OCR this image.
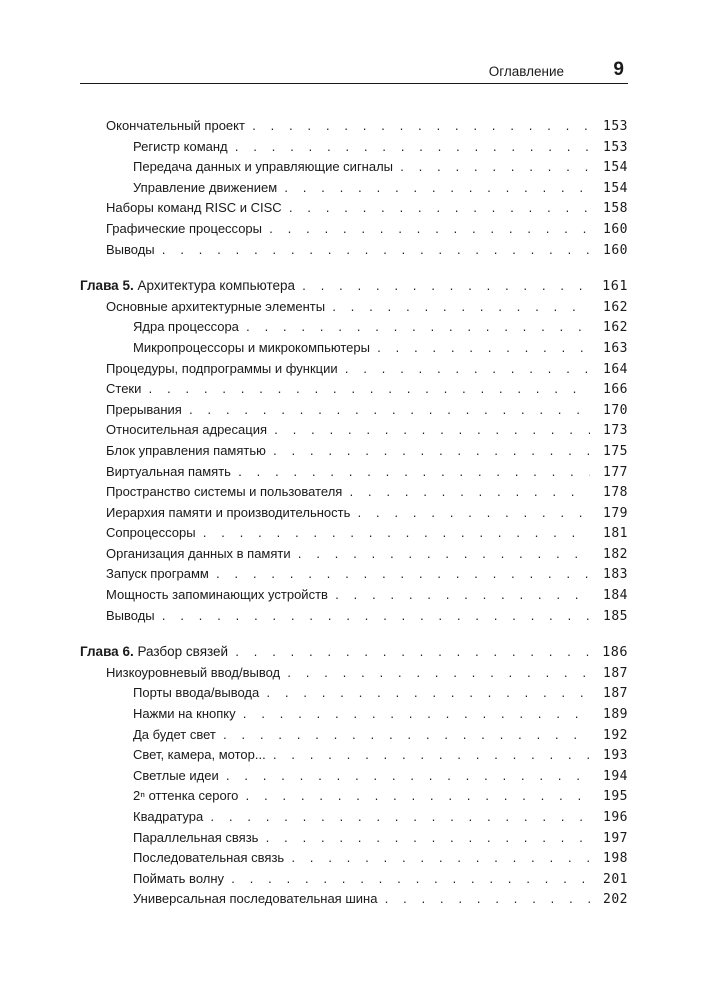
Оглавление	9
Окончательный проект . . .	153
Регистр команд . . .	153
Передача данных и управляющие сигналы . . .	154
Управление движением . . .	154
Наборы команд RISC и CISC . . .	158
Графические процессоры . . .	160
Выводы . . .	160
Глава 5. Архитектура компьютера . . .	161
Основные архитектурные элементы . . .	162
Ядра процессора . . .	162
Микропроцессоры и микрокомпьютеры . . .	163
Процедуры, подпрограммы и функции . . .	164
Стеки . . .	166
Прерывания . . .	170
Относительная адресация . . .	173
Блок управления памятью . . .	175
Виртуальная память . . .	177
Пространство системы и пользователя . . .	178
Иерархия памяти и производительность . . .	179
Сопроцессоры . . .	181
Организация данных в памяти . . .	182
Запуск программ . . .	183
Мощность запоминающих устройств . . .	184
Выводы . . .	185
Глава 6. Разбор связей . . .	186
Низкоуровневый ввод/вывод . . .	187
Порты ввода/вывода . . .	187
Нажми на кнопку . . .	189
Да будет свет . . .	192
Свет, камера, мотор... . . .	193
Светлые идеи . . .	194
2ⁿ оттенка серого . . .	195
Квадратура . . .	196
Параллельная связь . . .	197
Последовательная связь . . .	198
Поймать волну . . .	201
Универсальная последовательная шина . . .	202
